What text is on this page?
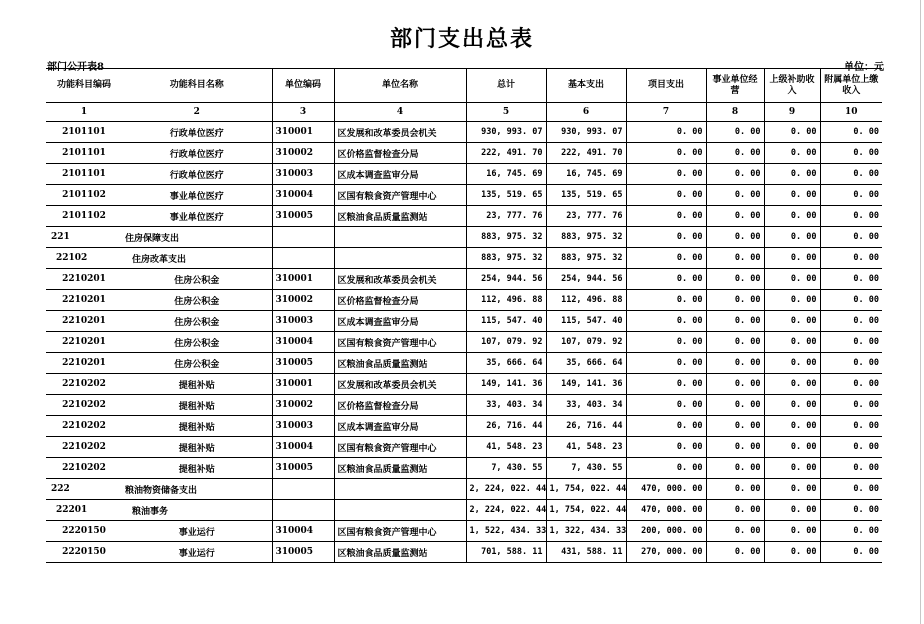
部门支出总表
部门公开表8	单位：元
功能科目编码	功能科目名称	单位编码	单位名称	总计	基本支出	项目支出	事业单位经营	上级补助收入	附属单位上缴收入
1	2	3	4	5	6	7	8	9	10
2101101	行政单位医疗	310001	区发展和改革委员会机关	930, 993. 07	930, 993. 07	0. 00	0. 00	0. 00	0. 00
2101101	行政单位医疗	310002	区价格监督检查分局	222, 491. 70	222, 491. 70	0. 00	0. 00	0. 00	0. 00
2101101	行政单位医疗	310003	区成本调查监审分局	16, 745. 69	16, 745. 69	0. 00	0. 00	0. 00	0. 00
2101102	事业单位医疗	310004	区国有粮食资产管理中心	135, 519. 65	135, 519. 65	0. 00	0. 00	0. 00	0. 00
2101102	事业单位医疗	310005	区粮油食品质量监测站	23, 777. 76	23, 777. 76	0. 00	0. 00	0. 00	0. 00
221	住房保障支出			883, 975. 32	883, 975. 32	0. 00	0. 00	0. 00	0. 00
22102	住房改革支出			883, 975. 32	883, 975. 32	0. 00	0. 00	0. 00	0. 00
2210201	住房公积金	310001	区发展和改革委员会机关	254, 944. 56	254, 944. 56	0. 00	0. 00	0. 00	0. 00
2210201	住房公积金	310002	区价格监督检查分局	112, 496. 88	112, 496. 88	0. 00	0. 00	0. 00	0. 00
2210201	住房公积金	310003	区成本调查监审分局	115, 547. 40	115, 547. 40	0. 00	0. 00	0. 00	0. 00
2210201	住房公积金	310004	区国有粮食资产管理中心	107, 079. 92	107, 079. 92	0. 00	0. 00	0. 00	0. 00
2210201	住房公积金	310005	区粮油食品质量监测站	35, 666. 64	35, 666. 64	0. 00	0. 00	0. 00	0. 00
2210202	提租补贴	310001	区发展和改革委员会机关	149, 141. 36	149, 141. 36	0. 00	0. 00	0. 00	0. 00
2210202	提租补贴	310002	区价格监督检查分局	33, 403. 34	33, 403. 34	0. 00	0. 00	0. 00	0. 00
2210202	提租补贴	310003	区成本调查监审分局	26, 716. 44	26, 716. 44	0. 00	0. 00	0. 00	0. 00
2210202	提租补贴	310004	区国有粮食资产管理中心	41, 548. 23	41, 548. 23	0. 00	0. 00	0. 00	0. 00
2210202	提租补贴	310005	区粮油食品质量监测站	7, 430. 55	7, 430. 55	0. 00	0. 00	0. 00	0. 00
222	粮油物资储备支出			2, 224, 022. 44	1, 754, 022. 44	470, 000. 00	0. 00	0. 00	0. 00
22201	粮油事务			2, 224, 022. 44	1, 754, 022. 44	470, 000. 00	0. 00	0. 00	0. 00
2220150	事业运行	310004	区国有粮食资产管理中心	1, 522, 434. 33	1, 322, 434. 33	200, 000. 00	0. 00	0. 00	0. 00
2220150	事业运行	310005	区粮油食品质量监测站	701, 588. 11	431, 588. 11	270, 000. 00	0. 00	0. 00	0. 00
